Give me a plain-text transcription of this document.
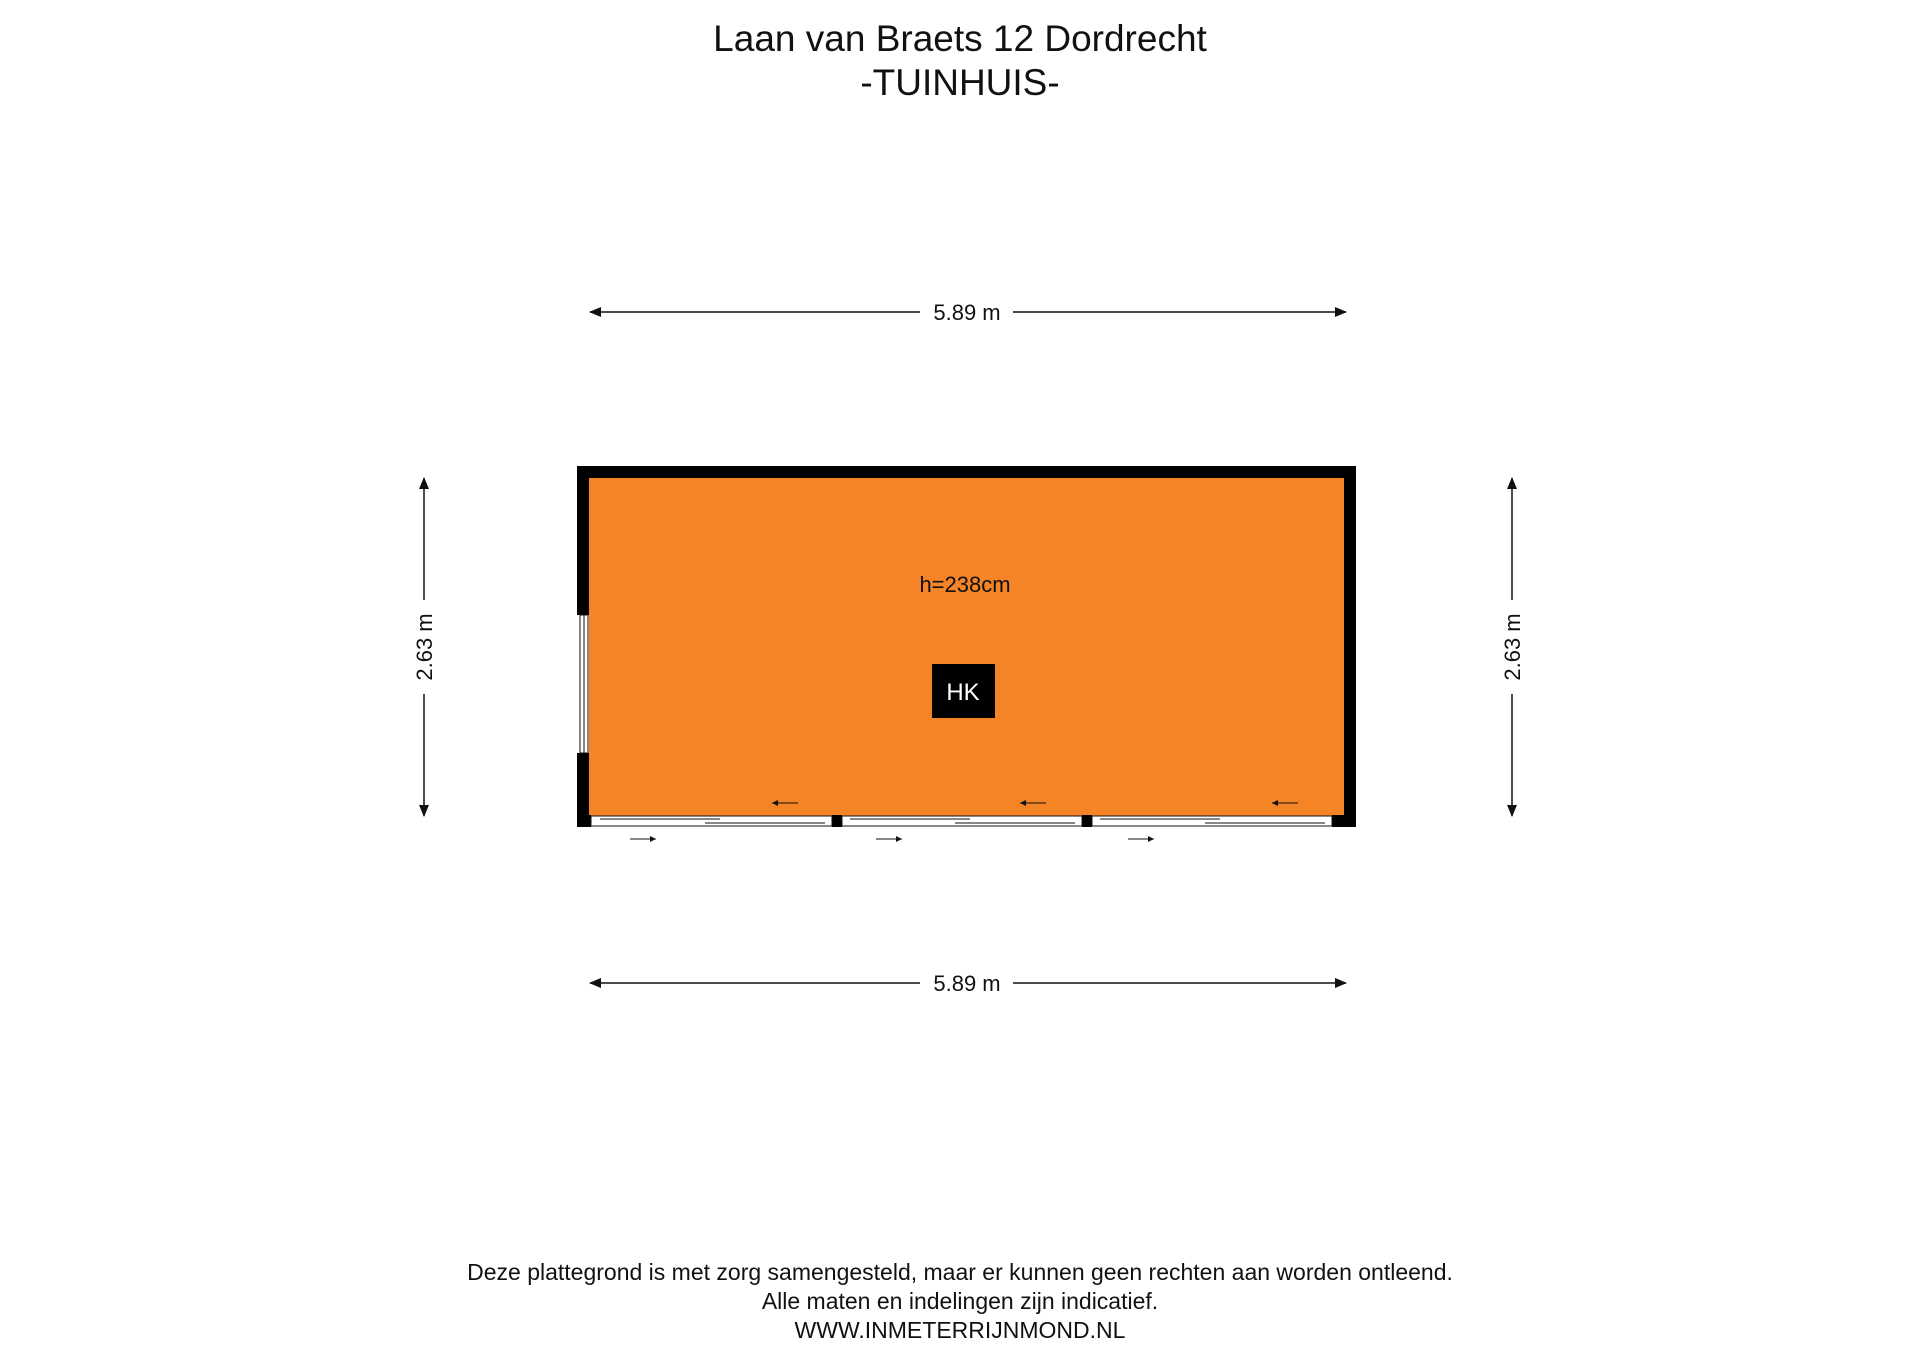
Laan van Braets 12 Dordrecht
-TUINHUIS-
5.89 m
5.89 m
2.63 m	2.63 m
h=238cm
HK
Deze plattegrond is met zorg samengesteld, maar er kunnen geen rechten aan worden ontleend.
Alle maten en indelingen zijn indicatief.
WWW.INMETERRIJNMOND.NL
